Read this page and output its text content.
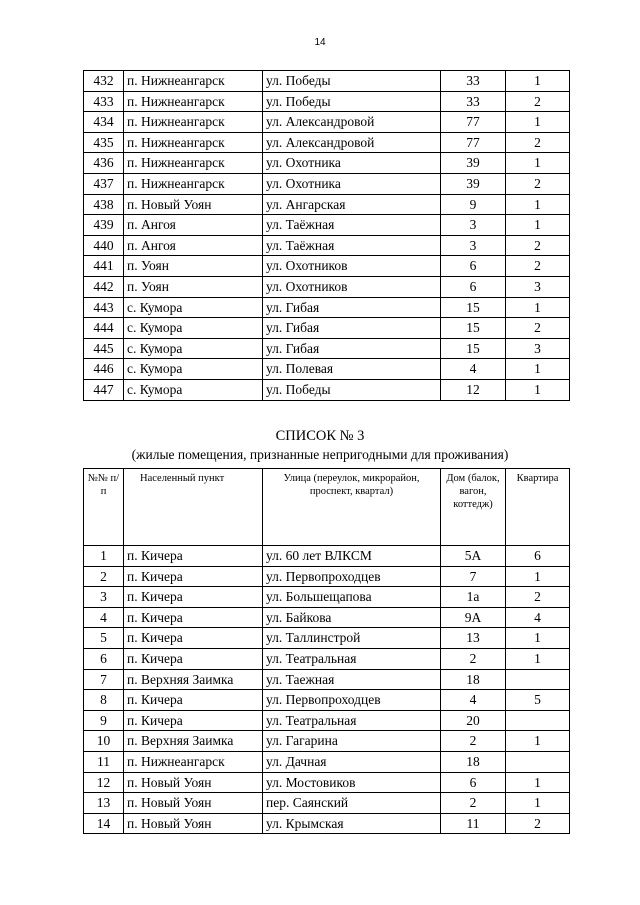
14
432	п. Нижнеангарск	ул. Победы	33	1
433	п. Нижнеангарск	ул. Победы	33	2
434	п. Нижнеангарск	ул. Александровой	77	1
435	п. Нижнеангарск	ул. Александровой	77	2
436	п. Нижнеангарск	ул. Охотника	39	1
437	п. Нижнеангарск	ул. Охотника	39	2
438	п. Новый Уоян	ул. Ангарская	9	1
439	п. Ангоя	ул. Таёжная	3	1
440	п. Ангоя	ул. Таёжная	3	2
441	п. Уоян	ул. Охотников	6	2
442	п. Уоян	ул. Охотников	6	3
443	с. Кумора	ул. Гибая	15	1
444	с. Кумора	ул. Гибая	15	2
445	с. Кумора	ул. Гибая	15	3
446	с. Кумора	ул. Полевая	4	1
447	с. Кумора	ул. Победы	12	1
СПИСОК № 3
(жилые помещения, признанные непригодными для проживания)
№№ п/п	Населенный пункт	Улица (переулок, микрорайон, проспект, квартал)	Дом (балок, вагон, коттедж)	Квартира
1	п. Кичера	ул. 60 лет ВЛКСМ	5А	6
2	п. Кичера	ул. Первопроходцев	7	1
3	п. Кичера	ул. Большещапова	1а	2
4	п. Кичера	ул. Байкова	9А	4
5	п. Кичера	ул. Таллинстрой	13	1
6	п. Кичера	ул. Театральная	2	1
7	п. Верхняя Заимка	ул. Таежная	18	
8	п. Кичера	ул. Первопроходцев	4	5
9	п. Кичера	ул. Театральная	20	
10	п. Верхняя Заимка	ул. Гагарина	2	1
11	п. Нижнеангарск	ул. Дачная	18	
12	п. Новый Уоян	ул. Мостовиков	6	1
13	п. Новый Уоян	пер. Саянский	2	1
14	п. Новый Уоян	ул. Крымская	11	2
